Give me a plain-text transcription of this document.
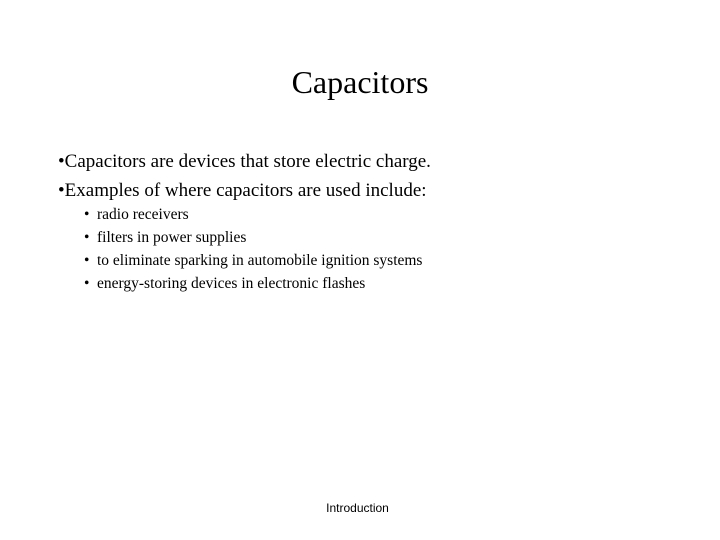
Capacitors
•Capacitors are devices that store electric charge.
•Examples of where capacitors are used include:
• radio receivers
• filters in power supplies
• to eliminate sparking in automobile ignition systems
• energy-storing devices in electronic flashes
Introduction
